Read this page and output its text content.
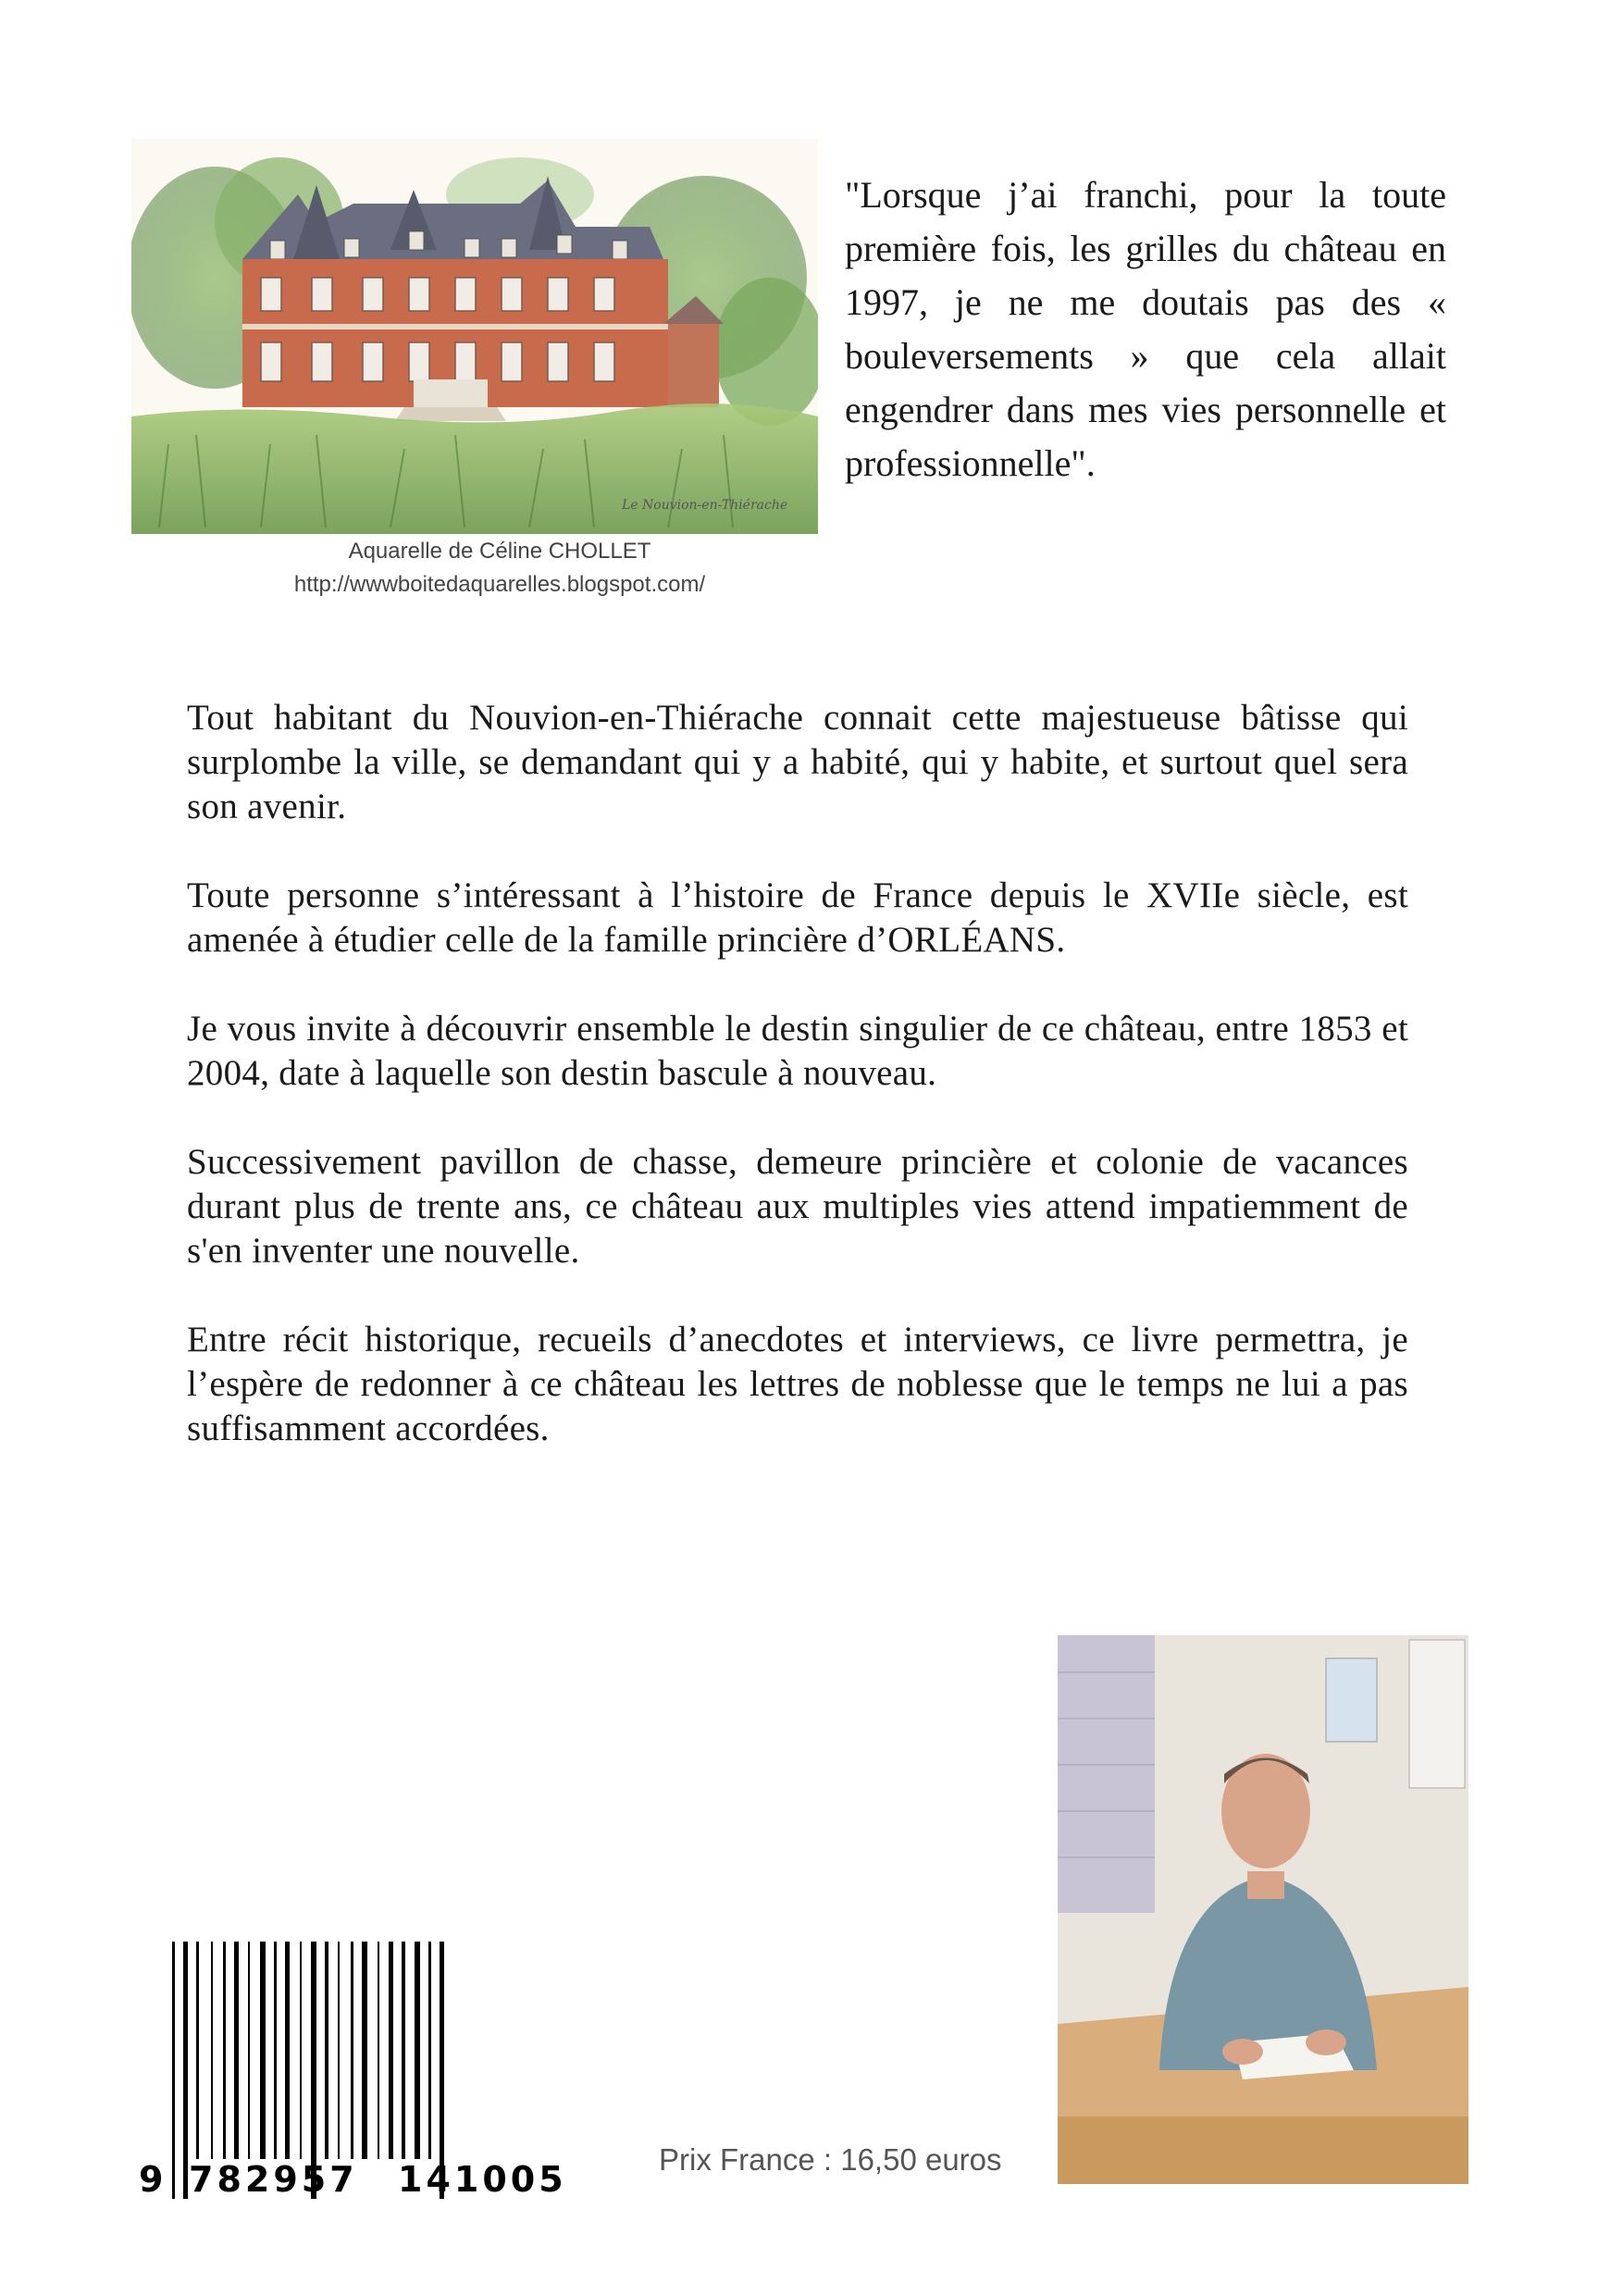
Le Nouvion-en-Thiérache
Aquarelle de Céline CHOLLET
http://wwwboitedaquarelles.blogspot.com/
"Lorsque j’ai franchi, pour la toute première fois, les grilles du château en 1997, je ne me doutais pas des « bouleversements » que cela allait engendrer dans mes vies personnelle et professionnelle".

Tout habitant du Nouvion-en-Thiérache connait cette majestueuse bâtisse qui surplombe la ville, se demandant qui y a habité, qui y habite, et surtout quel sera son avenir.

Toute personne s’intéressant à l’histoire de France depuis le XVIIe siècle, est amenée à étudier celle de la famille princière d’ORLÉANS.

Je vous invite à découvrir ensemble le destin singulier de ce château, entre 1853 et 2004, date à laquelle son destin bascule à nouveau.

Successivement pavillon de chasse, demeure princière et colonie de vacances durant plus de trente ans, ce château aux multiples vies attend impatiemment de s'en inventer une nouvelle.

Entre récit historique, recueils d’anecdotes et interviews, ce livre permettra, je l’espère de redonner à ce château les lettres de noblesse que le temps ne lui a pas suffisamment accordées.

9 782957 141005	Prix France : 16,50 euros
